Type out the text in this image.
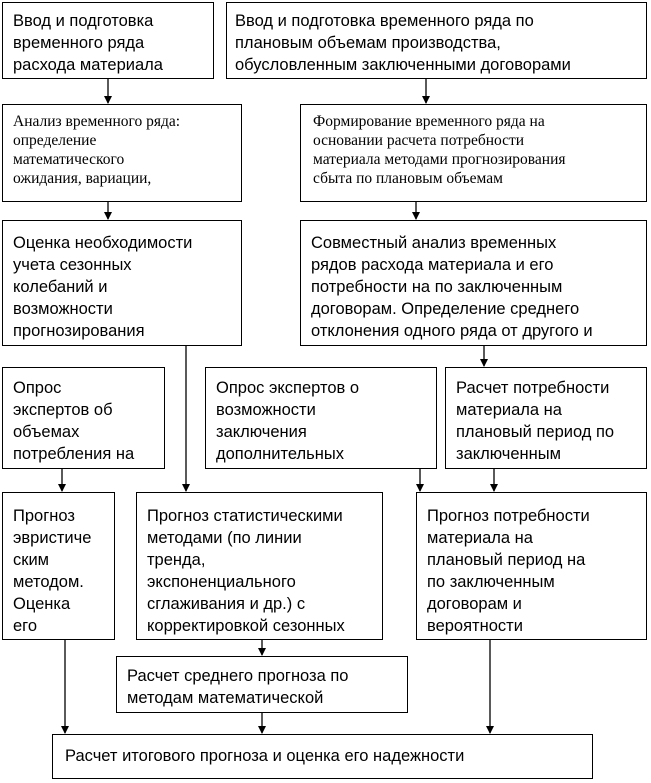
Ввод и подготовка
временного ряда
расхода материала
Ввод и подготовка временного ряда по
плановым объемам производства,
обусловленным заключенными договорами
Анализ временного ряда:
определение
математического
ожидания, вариации,
Формирование временного ряда на
основании расчета потребности
материала методами прогнозирования
сбыта по плановым объемам
Оценка необходимости
учета сезонных
колебаний и
возможности
прогнозирования
Совместный анализ временных
рядов расхода материала и его
потребности на по заключенным
договорам. Определение среднего
отклонения одного ряда от другого и
Опрос
экспертов об
объемах
потребления на
Опрос экспертов о
возможности
заключения
дополнительных
Расчет потребности
материала на
плановый период по
заключенным
Прогноз
эвристиче
ским
методом.
Оценка
его
Прогноз статистическими
методами (по линии
тренда,
экспоненциального
сглаживания и др.) с
корректировкой сезонных
Прогноз потребности
материала на
плановый период на
по заключенным
договорам и
вероятности
Расчет среднего прогноза по
методам математической
Расчет итогового прогноза и оценка его надежности
